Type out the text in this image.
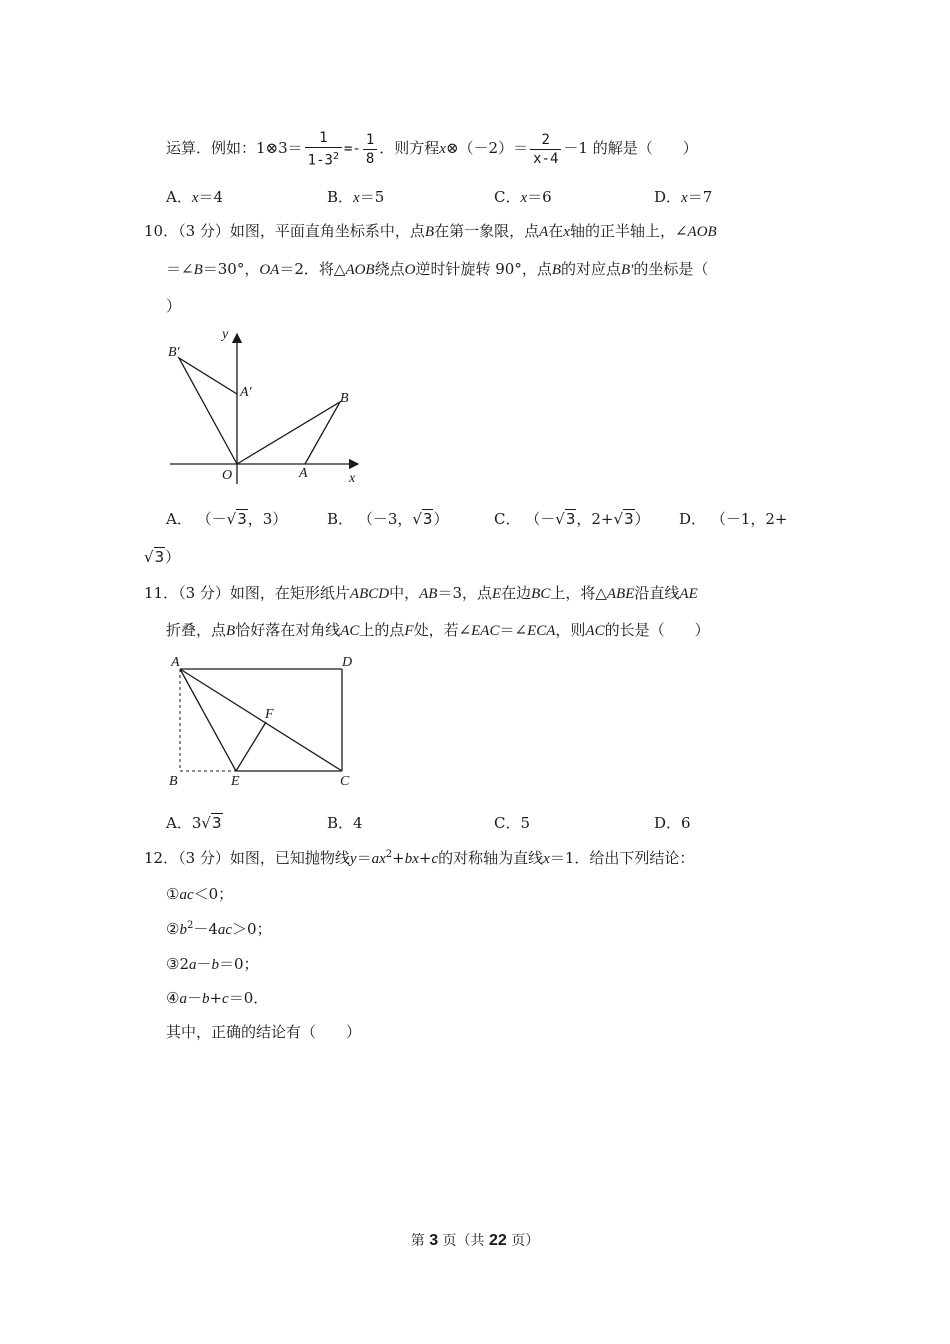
运算．例如：1⊗3＝ $\frac{1}{1-3^2} =- \frac{1}{8}$ ．则方程x⊗（－2）＝ $\frac{2}{x-4} -1$ 的解是（　　）
A．x＝4	B．x＝5	C．x＝6	D．x＝7
10．（3 分）如图，平面直角坐标系中，点B在第一象限，点A在x轴的正半轴上，∠AOB
＝∠B＝30°，OA＝2．将△AOB绕点O逆时针旋转 90°，点B的对应点B'的坐标是（
）
B′
A′
y
B
O	A	x
A． （－√3，3）	B． （－3，√3）	C． （－√3，2+√3） D． （－1，2+
√3）
11．（3 分）如图，在矩形纸片ABCD中，AB＝3，点E在边BC上，将△ABE沿直线AE
折叠，点B恰好落在对角线AC上的点F处，若∠EAC＝∠ECA，则AC的长是（　　）
A	D
F
B	E	C
A．3√3	B．4	C．5	D．6
12．（3 分）如图，已知抛物线$y=ax^2+bx+c$的对称轴为直线x＝1．给出下列结论：
①ac＜0；
$②b^2-4ac>0$；
③2a－b＝0；
④a－b+c＝0．
其中，正确的结论有（　　）
第 3 页（共 22 页）
